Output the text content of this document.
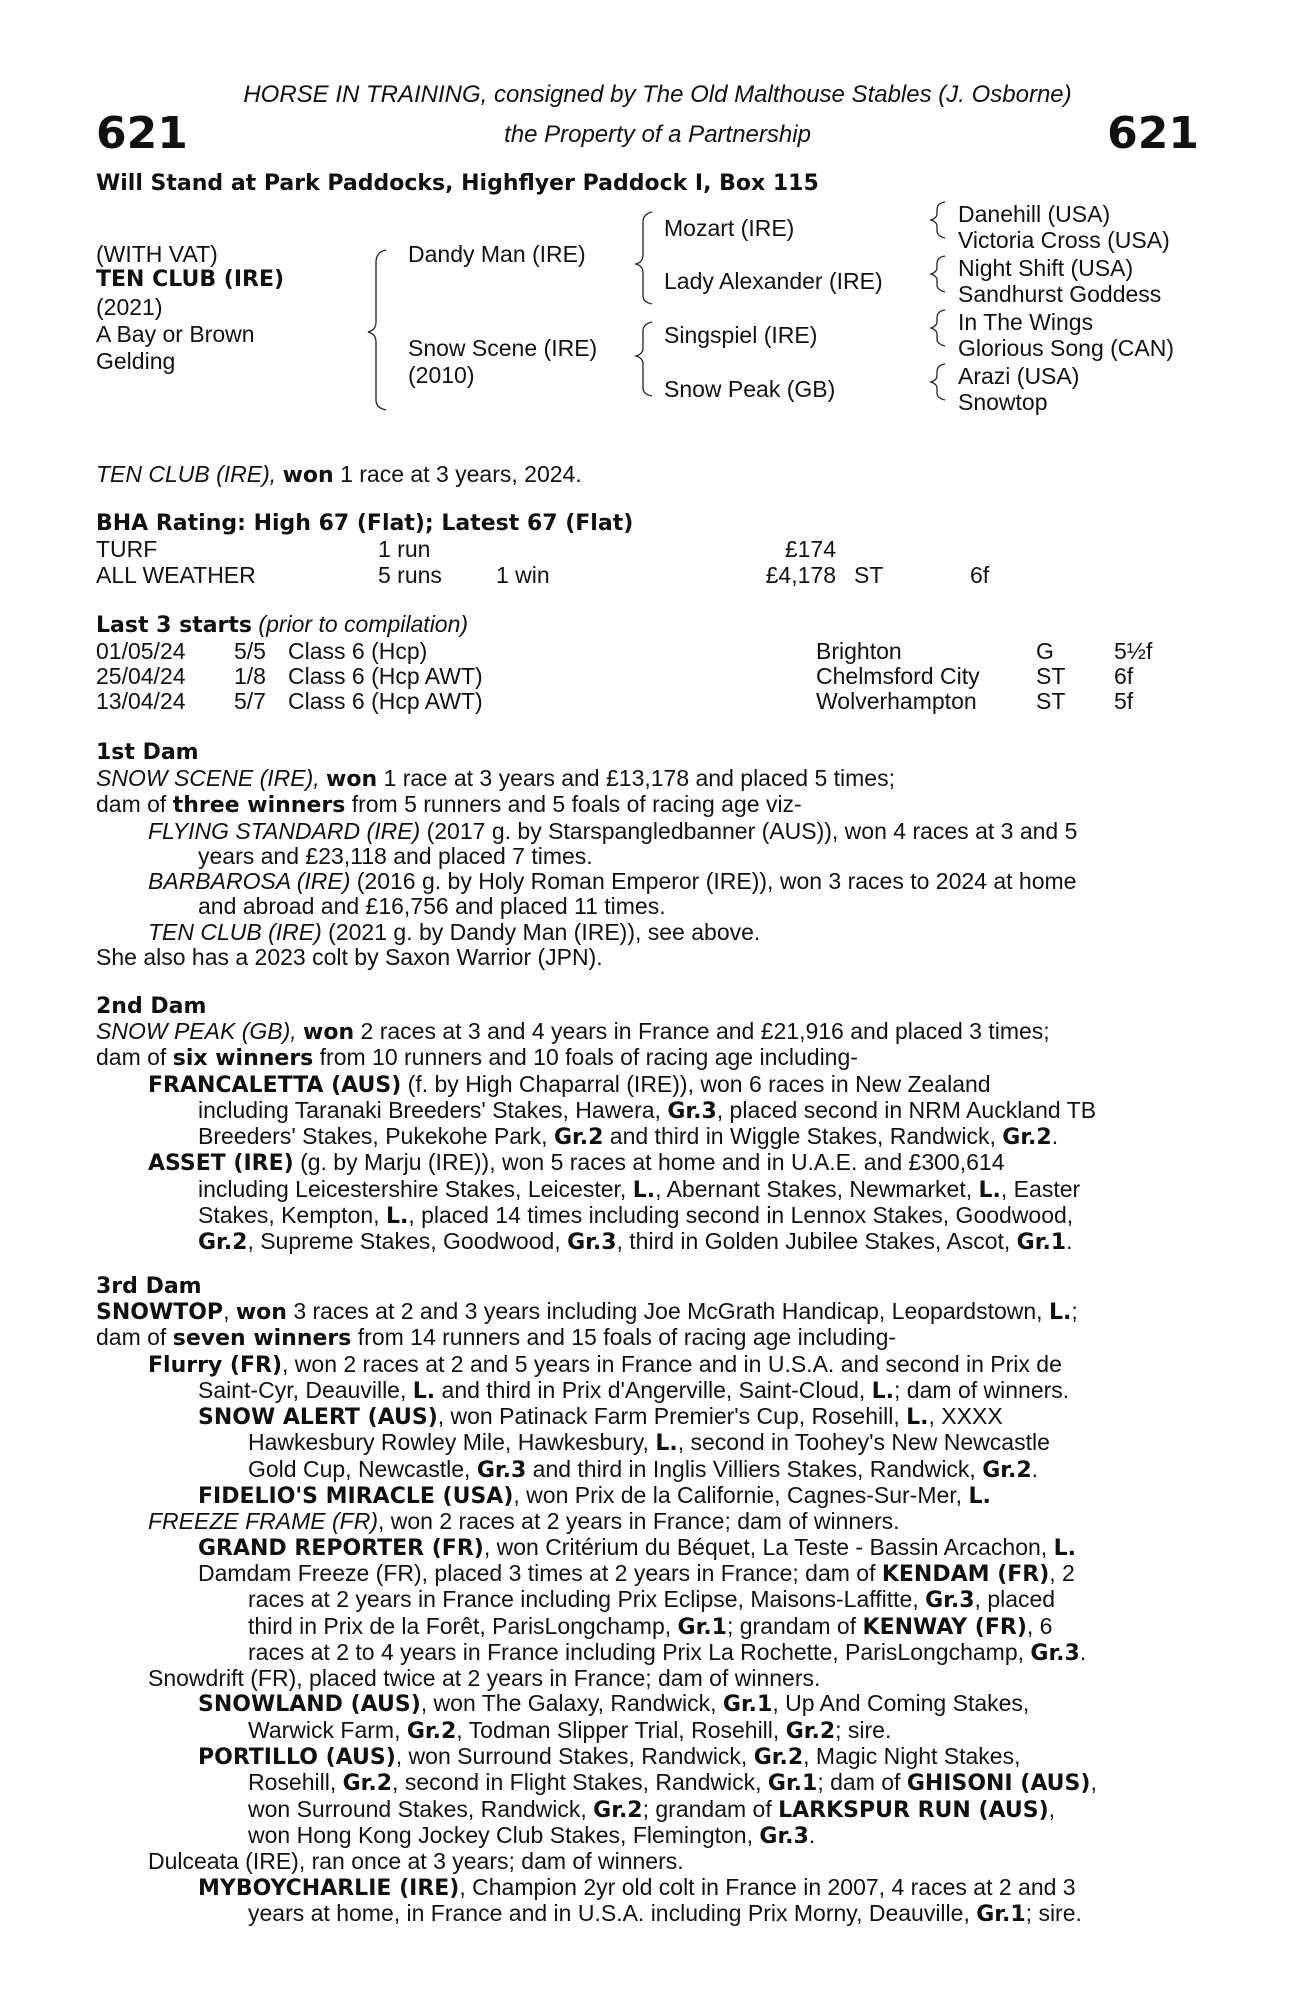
HORSE IN TRAINING, consigned by The Old Malthouse Stables (J. Osborne)
621	the Property of a Partnership	621
Will Stand at Park Paddocks, Highflyer Paddock I, Box 115
(WITH VAT)
TEN CLUB (IRE)
(2021)
A Bay or Brown
Gelding
Dandy Man (IRE)
Snow Scene (IRE)
(2010)
Mozart (IRE)
Lady Alexander (IRE)
Singspiel (IRE)
Snow Peak (GB)
Danehill (USA)
Victoria Cross (USA)
Night Shift (USA)
Sandhurst Goddess
In The Wings
Glorious Song (CAN)
Arazi (USA)
Snowtop
TEN CLUB (IRE), won 1 race at 3 years, 2024.
BHA Rating: High 67 (Flat); Latest 67 (Flat)
TURF	1 run	£174
ALL WEATHER	5 runs 1 win	£4,178 ST	6f
Last 3 starts (prior to compilation)
01/05/24 5/5 Class 6 (Hcp)	Brighton	G	5½f
25/04/24 1/8 Class 6 (Hcp AWT)	Chelmsford City ST 6f
13/04/24 5/7 Class 6 (Hcp AWT)	Wolverhampton	ST 5f
1st Dam
SNOW SCENE (IRE), won 1 race at 3 years and £13,178 and placed 5 times;
dam of three winners from 5 runners and 5 foals of racing age viz-
FLYING STANDARD (IRE) (2017 g. by Starspangledbanner (AUS)), won 4 races at 3 and 5
years and £23,118 and placed 7 times.
BARBAROSA (IRE) (2016 g. by Holy Roman Emperor (IRE)), won 3 races to 2024 at home
and abroad and £16,756 and placed 11 times.
TEN CLUB (IRE) (2021 g. by Dandy Man (IRE)), see above.
She also has a 2023 colt by Saxon Warrior (JPN).
2nd Dam
SNOW PEAK (GB), won 2 races at 3 and 4 years in France and £21,916 and placed 3 times;
dam of six winners from 10 runners and 10 foals of racing age including-
FRANCALETTA (AUS) (f. by High Chaparral (IRE)), won 6 races in New Zealand
including Taranaki Breeders' Stakes, Hawera, Gr.3, placed second in NRM Auckland TB
Breeders' Stakes, Pukekohe Park, Gr.2 and third in Wiggle Stakes, Randwick, Gr.2.
ASSET (IRE) (g. by Marju (IRE)), won 5 races at home and in U.A.E. and £300,614
including Leicestershire Stakes, Leicester, L., Abernant Stakes, Newmarket, L., Easter
Stakes, Kempton, L., placed 14 times including second in Lennox Stakes, Goodwood,
Gr.2, Supreme Stakes, Goodwood, Gr.3, third in Golden Jubilee Stakes, Ascot, Gr.1.
3rd Dam
SNOWTOP, won 3 races at 2 and 3 years including Joe McGrath Handicap, Leopardstown, L.;
dam of seven winners from 14 runners and 15 foals of racing age including-
Flurry (FR), won 2 races at 2 and 5 years in France and in U.S.A. and second in Prix de
Saint-Cyr, Deauville, L. and third in Prix d'Angerville, Saint-Cloud, L.; dam of winners.
SNOW ALERT (AUS), won Patinack Farm Premier's Cup, Rosehill, L., XXXX
Hawkesbury Rowley Mile, Hawkesbury, L., second in Toohey's New Newcastle
Gold Cup, Newcastle, Gr.3 and third in Inglis Villiers Stakes, Randwick, Gr.2.
FIDELIO'S MIRACLE (USA), won Prix de la Californie, Cagnes-Sur-Mer, L.
FREEZE FRAME (FR), won 2 races at 2 years in France; dam of winners.
GRAND REPORTER (FR), won Critérium du Béquet, La Teste - Bassin Arcachon, L.
Damdam Freeze (FR), placed 3 times at 2 years in France; dam of KENDAM (FR), 2
races at 2 years in France including Prix Eclipse, Maisons-Laffitte, Gr.3, placed
third in Prix de la Forêt, ParisLongchamp, Gr.1; grandam of KENWAY (FR), 6
races at 2 to 4 years in France including Prix La Rochette, ParisLongchamp, Gr.3.
Snowdrift (FR), placed twice at 2 years in France; dam of winners.
SNOWLAND (AUS), won The Galaxy, Randwick, Gr.1, Up And Coming Stakes,
Warwick Farm, Gr.2, Todman Slipper Trial, Rosehill, Gr.2; sire.
PORTILLO (AUS), won Surround Stakes, Randwick, Gr.2, Magic Night Stakes,
Rosehill, Gr.2, second in Flight Stakes, Randwick, Gr.1; dam of GHISONI (AUS),
won Surround Stakes, Randwick, Gr.2; grandam of LARKSPUR RUN (AUS),
won Hong Kong Jockey Club Stakes, Flemington, Gr.3.
Dulceata (IRE), ran once at 3 years; dam of winners.
MYBOYCHARLIE (IRE), Champion 2yr old colt in France in 2007, 4 races at 2 and 3
years at home, in France and in U.S.A. including Prix Morny, Deauville, Gr.1; sire.
